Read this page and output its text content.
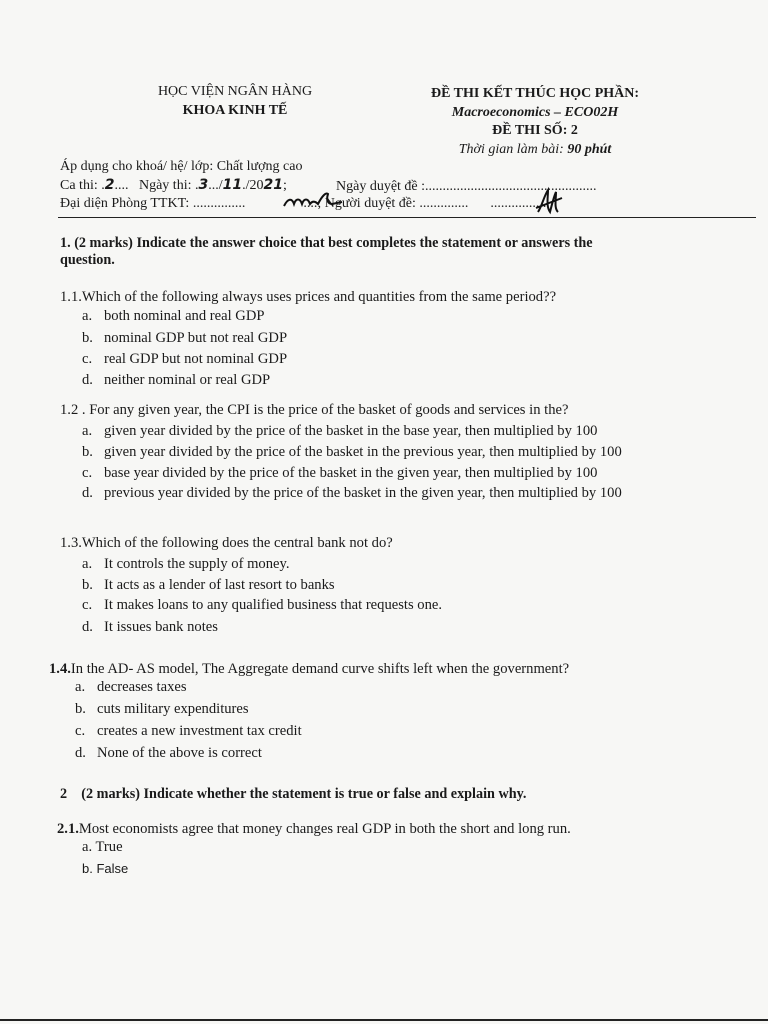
HỌC VIỆN NGÂN HÀNG
KHOA KINH TẾ
ĐỀ THI KẾT THÚC HỌC PHẦN:
Macroeconomics – ECO02H
ĐỀ THI SỐ: 2
Thời gian làm bài: 90 phút
Áp dụng cho khoá/ hệ/ lớp: Chất lượng cao
Ca thi: .2.... Ngày thi: .3.../11./2021;	Ngày duyệt đề :.................................................
Đại diện Phòng TTKT: ...............	....; Người duyệt đề: .............. ................
1. (2 marks) Indicate the answer choice that best completes the statement or answers the
question.
1.1.Which of the following always uses prices and quantities from the same period??
a. both nominal and real GDP
b. nominal GDP but not real GDP
c. real GDP but not nominal GDP
d. neither nominal or real GDP
1.2 . For any given year, the CPI is the price of the basket of goods and services in the?
a. given year divided by the price of the basket in the base year, then multiplied by 100
b. given year divided by the price of the basket in the previous year, then multiplied by 100
c. base year divided by the price of the basket in the given year, then multiplied by 100
d. previous year divided by the price of the basket in the given year, then multiplied by 100
1.3.Which of the following does the central bank not do?
a. It controls the supply of money.
b. It acts as a lender of last resort to banks
c. It makes loans to any qualified business that requests one.
d. It issues bank notes
1.4.In the AD- AS model, The Aggregate demand curve shifts left when the government?
a. decreases taxes
b. cuts military expenditures
c. creates a new investment tax credit
d. None of the above is correct
2 (2 marks) Indicate whether the statement is true or false and explain why.
2.1.Most economists agree that money changes real GDP in both the short and long run.
a. True
b. False
